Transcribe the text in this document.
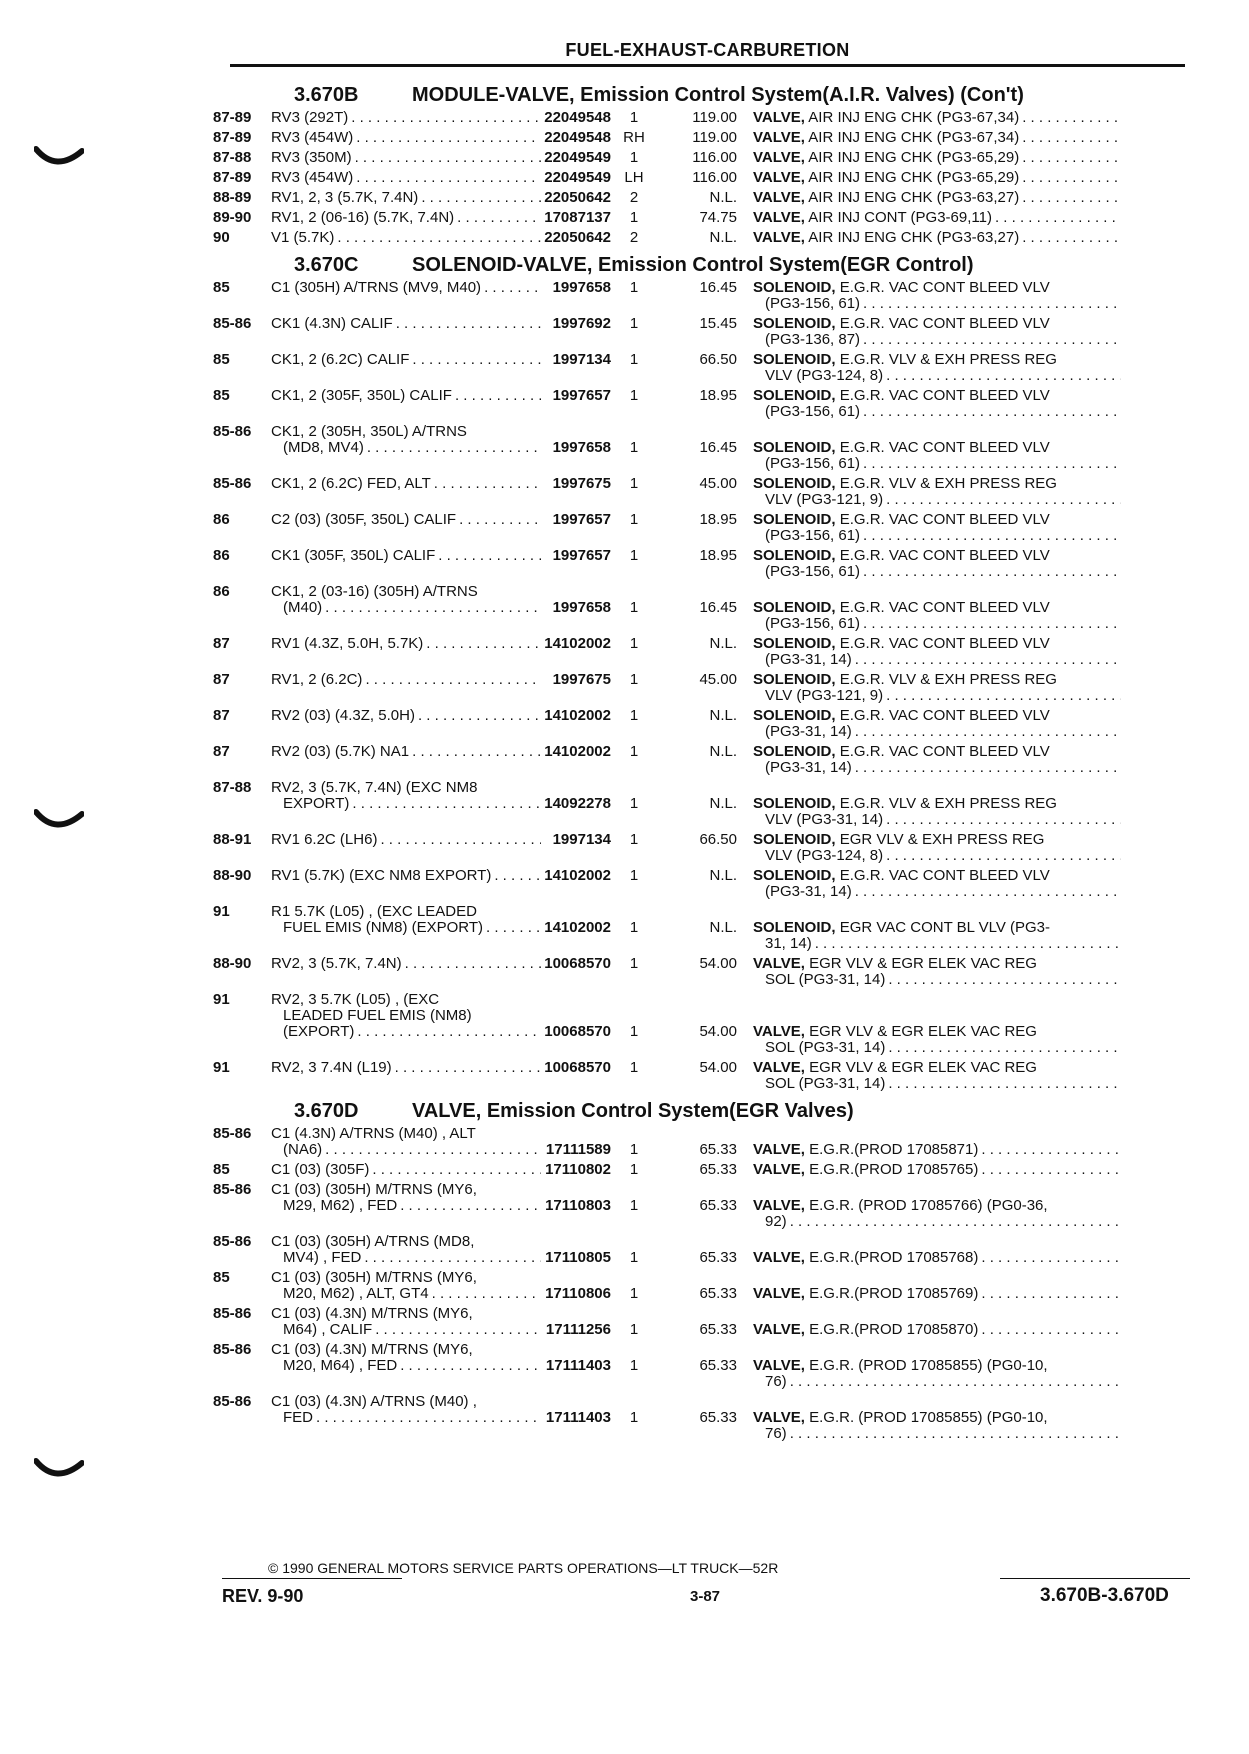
FUEL-EXHAUST-CARBURETION
3.670B	MODULE-VALVE, Emission Control System(A.I.R. Valves) (Con't)
87-89	RV3 (292T) . . .	22049548	1	119.00 VALVE, AIR INJ ENG CHK (PG3-67,34)
. . .
87-89	RV3 (454W) . . .	22049548 RH	119.00 VALVE, AIR INJ ENG CHK (PG3-67,34)
. . .
87-88	RV3 (350M) . . .	22049549	1	116.00 VALVE, AIR INJ ENG CHK (PG3-65,29)
. . .
87-89	RV3 (454W) . . .	22049549 LH	116.00 VALVE, AIR INJ ENG CHK (PG3-65,29)
. . .
88-89	RV1, 2, 3 (5.7K, 7.4N) . . .	22050642	2	N.L. VALVE, AIR INJ ENG CHK (PG3-63,27)
. . .
89-90	RV1, 2 (06-16) (5.7K, 7.4N) . . .	17087137	1	74.75 VALVE, AIR INJ CONT (PG3-69,11)
. . .
90	V1 (5.7K) . . .	22050642	2	N.L. VALVE, AIR INJ ENG CHK (PG3-63,27)
. . .
3.670C	SOLENOID-VALVE, Emission Control System(EGR Control)
85	C1 (305H) A/TRNS (MV9, M40) . . .	1997658	1	16.45 SOLENOID, E.G.R. VAC CONT BLEED VLV
(PG3-156, 61)
. . .
85-86	CK1 (4.3N) CALIF . . .	1997692	1	15.45 SOLENOID, E.G.R. VAC CONT BLEED VLV
(PG3-136, 87)
. . .
85	CK1, 2 (6.2C) CALIF . . .	1997134	1	66.50 SOLENOID, E.G.R. VLV & EXH PRESS REG
VLV (PG3-124, 8)
. . .
85	CK1, 2 (305F, 350L) CALIF . . .	1997657	1	18.95 SOLENOID, E.G.R. VAC CONT BLEED VLV
(PG3-156, 61)
. . .
85-86	CK1, 2 (305H, 350L) A/TRNS
(MD8, MV4) . . .	1997658	1	16.45 SOLENOID, E.G.R. VAC CONT BLEED VLV
(PG3-156, 61)
. . .
85-86	CK1, 2 (6.2C) FED, ALT . . .	1997675	1	45.00 SOLENOID, E.G.R. VLV & EXH PRESS REG
VLV (PG3-121, 9)
. . .
86	C2 (03) (305F, 350L) CALIF . . .	1997657	1	18.95 SOLENOID, E.G.R. VAC CONT BLEED VLV
(PG3-156, 61)
. . .
86	CK1 (305F, 350L) CALIF . . .	1997657	1	18.95 SOLENOID, E.G.R. VAC CONT BLEED VLV
(PG3-156, 61)
. . .
86	CK1, 2 (03-16) (305H) A/TRNS
(M40) . . .	1997658	1	16.45 SOLENOID, E.G.R. VAC CONT BLEED VLV
(PG3-156, 61)
. . .
87	RV1 (4.3Z, 5.0H, 5.7K) . . .	14102002	1	N.L. SOLENOID, E.G.R. VAC CONT BLEED VLV
(PG3-31, 14)
. . .
87	RV1, 2 (6.2C) . . .	1997675	1	45.00 SOLENOID, E.G.R. VLV & EXH PRESS REG
VLV (PG3-121, 9)
. . .
87	RV2 (03) (4.3Z, 5.0H) . . .	14102002	1	N.L. SOLENOID, E.G.R. VAC CONT BLEED VLV
(PG3-31, 14)
. . .
87	RV2 (03) (5.7K) NA1 . . .	14102002	1	N.L. SOLENOID, E.G.R. VAC CONT BLEED VLV
(PG3-31, 14)
. . .
87-88	RV2, 3 (5.7K, 7.4N) (EXC NM8
EXPORT) . . .	14092278	1	N.L. SOLENOID, E.G.R. VLV & EXH PRESS REG
VLV (PG3-31, 14)
. . .
88-91	RV1 6.2C (LH6) . . .	1997134	1	66.50 SOLENOID, EGR VLV & EXH PRESS REG
VLV (PG3-124, 8)
. . .
88-90	RV1 (5.7K) (EXC NM8 EXPORT) . . .	14102002	1	N.L. SOLENOID, E.G.R. VAC CONT BLEED VLV
(PG3-31, 14)
. . .
91	R1 5.7K (L05) , (EXC LEADED
FUEL EMIS (NM8) (EXPORT) . . .	14102002	1	N.L. SOLENOID, EGR VAC CONT BL VLV (PG3-
31, 14)
. . .
88-90	RV2, 3 (5.7K, 7.4N) . . .	10068570	1	54.00 VALVE, EGR VLV & EGR ELEK VAC REG
SOL (PG3-31, 14)
. . .
91	RV2, 3 5.7K (L05) , (EXC
LEADED FUEL EMIS (NM8)
(EXPORT) . . .	10068570	1	54.00 VALVE, EGR VLV & EGR ELEK VAC REG
SOL (PG3-31, 14)
. . .
91	RV2, 3 7.4N (L19) . . .	10068570	1	54.00 VALVE, EGR VLV & EGR ELEK VAC REG
SOL (PG3-31, 14)
. . .
3.670D	VALVE, Emission Control System(EGR Valves)
85-86	C1 (4.3N) A/TRNS (M40) , ALT
(NA6) . . .	17111589	1	65.33 VALVE, E.G.R.(PROD 17085871)
. . .
85	C1 (03) (305F) . . .	17110802	1	65.33 VALVE, E.G.R.(PROD 17085765)
. . .
85-86	C1 (03) (305H) M/TRNS (MY6,
M29, M62) , FED . . .	17110803	1	65.33 VALVE, E.G.R. (PROD 17085766) (PG0-36,
92)
. . .
85-86	C1 (03) (305H) A/TRNS (MD8,
MV4) , FED . . .	17110805	1	65.33 VALVE, E.G.R.(PROD 17085768)
. . .
85	C1 (03) (305H) M/TRNS (MY6,
M20, M62) , ALT, GT4 . . .	17110806	1	65.33 VALVE, E.G.R.(PROD 17085769)
. . .
85-86	C1 (03) (4.3N) M/TRNS (MY6,
M64) , CALIF . . .	17111256	1	65.33 VALVE, E.G.R.(PROD 17085870)
. . .
85-86	C1 (03) (4.3N) M/TRNS (MY6,
M20, M64) , FED . . .	17111403	1	65.33 VALVE, E.G.R. (PROD 17085855) (PG0-10,
76)
. . .
85-86	C1 (03) (4.3N) A/TRNS (M40) ,
FED . . .	17111403	1	65.33 VALVE, E.G.R. (PROD 17085855) (PG0-10,
76)
. . .
© 1990 GENERAL MOTORS SERVICE PARTS OPERATIONS—LT TRUCK—52R
REV. 9-90	3-87	3.670B-3.670D
